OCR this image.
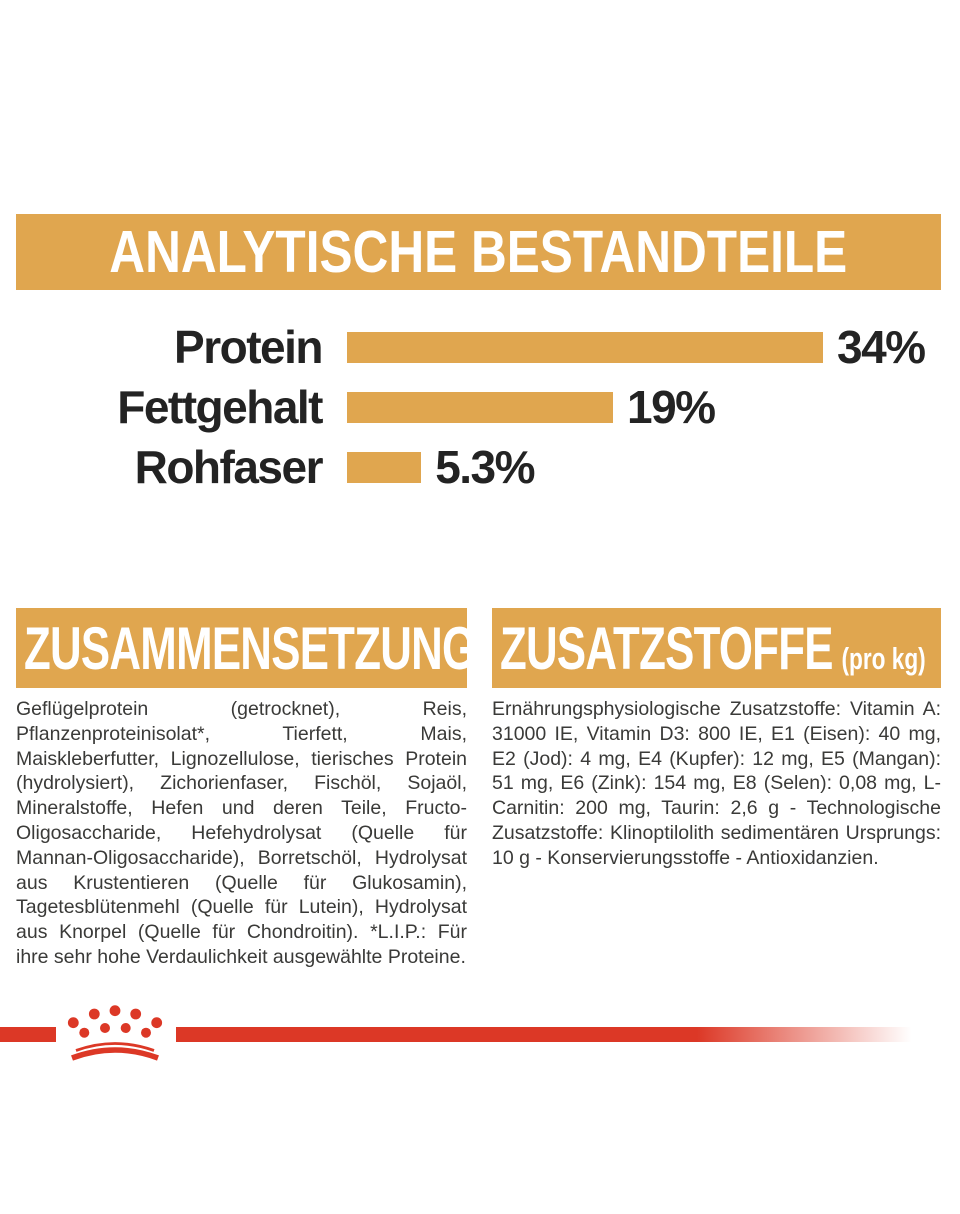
ANALYTISCHE BESTANDTEILE
Protein	34%
Fettgehalt	19%
Rohfaser 5.3%
ZUSAMMENSETZUNG

Geflügelprotein (getrocknet), Reis, Pflanzenproteinisolat*, Tierfett, Mais, Maiskleberfutter, Lignozellulose, tierisches Protein (hydrolysiert), Zichorienfaser, Fischöl, Sojaöl, Mineralstoffe, Hefen und deren Teile, Fructo-Oligosaccharide, Hefehydrolysat (Quelle für Mannan-Oligosaccharide), Borretschöl, Hydrolysat aus Krustentieren (Quelle für Glukosamin), Tagetesblütenmehl (Quelle für Lutein), Hydrolysat aus Knorpel (Quelle für Chondroitin). *L.I.P.: Für ihre sehr hohe Verdaulichkeit ausgewählte Proteine.

ZUSATZSTOFFE (pro kg)

Ernährungsphysiologische Zusatzstoffe: Vitamin A: 31000 IE, Vitamin D3: 800 IE, E1 (Eisen): 40 mg, E2 (Jod): 4 mg, E4 (Kupfer): 12 mg, E5 (Mangan): 51 mg, E6 (Zink): 154 mg, E8 (Selen): 0,08 mg, L-Carnitin: 200 mg, Taurin: 2,6 g - Technologische Zusatzstoffe: Klinoptilolith sedimentären Ursprungs: 10 g - Konservierungsstoffe - Antioxidanzien.
